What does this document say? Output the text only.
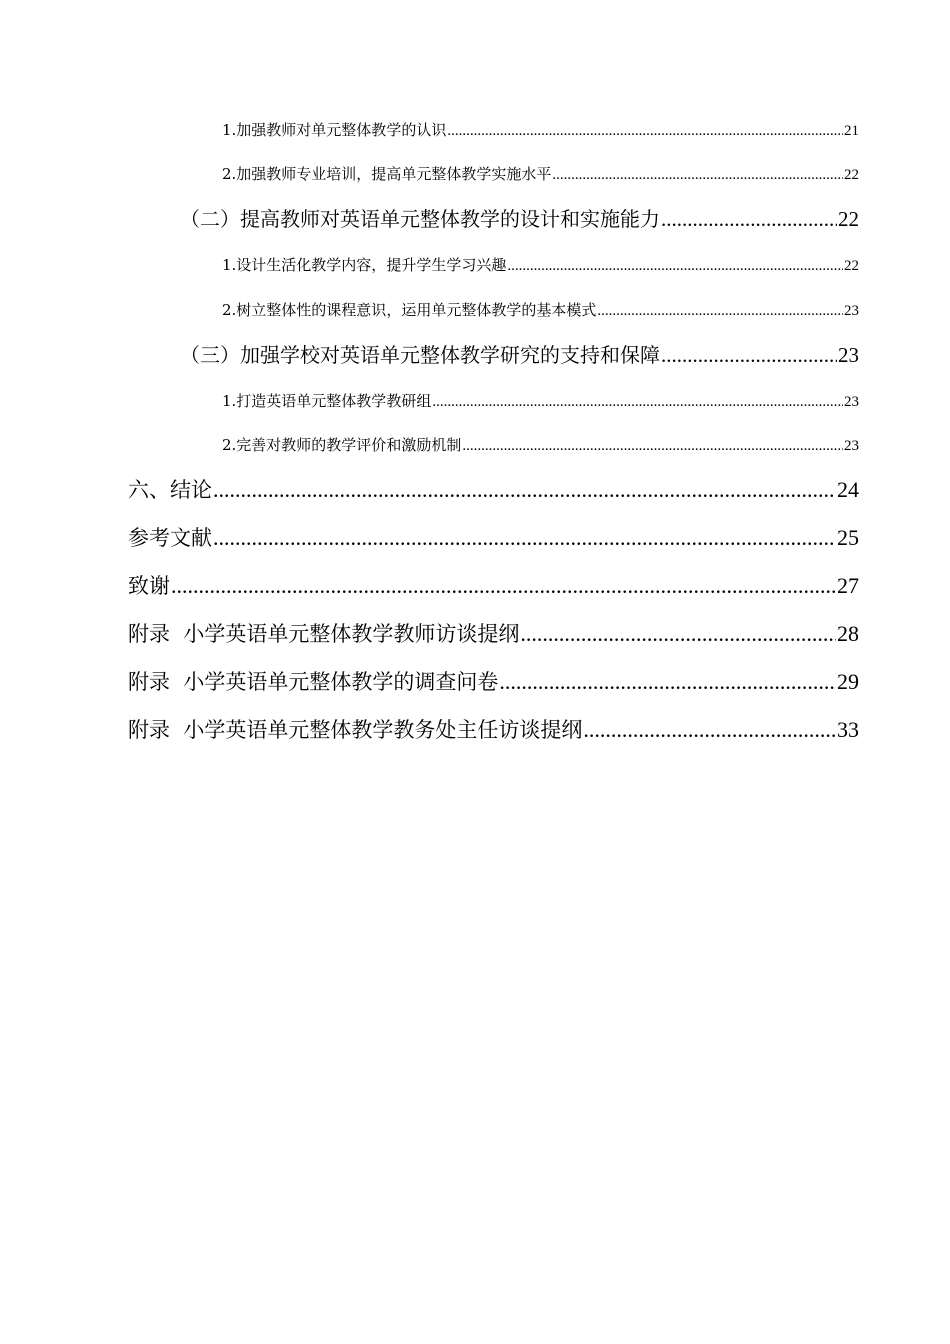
1.加强教师对单元整体教学的认识 .....	21
2.加强教师专业培训，提高单元整体教学实施水平 .....	22
（二）提高教师对英语单元整体教学的设计和实施能力 .....	22
1.设计生活化教学内容，提升学生学习兴趣 .....	22
2.树立整体性的课程意识，运用单元整体教学的基本模式 .....	23
（三）加强学校对英语单元整体教学研究的支持和保障 .....	23
1.打造英语单元整体教学教研组 .....	23
2.完善对教师的教学评价和激励机制 .....	23
六、结论 .....	24
参考文献 .....	25
致谢 .....	27
附录  小学英语单元整体教学教师访谈提纲 .....	28
附录  小学英语单元整体教学的调查问卷 .....	29
附录  小学英语单元整体教学教务处主任访谈提纲 .....	33
